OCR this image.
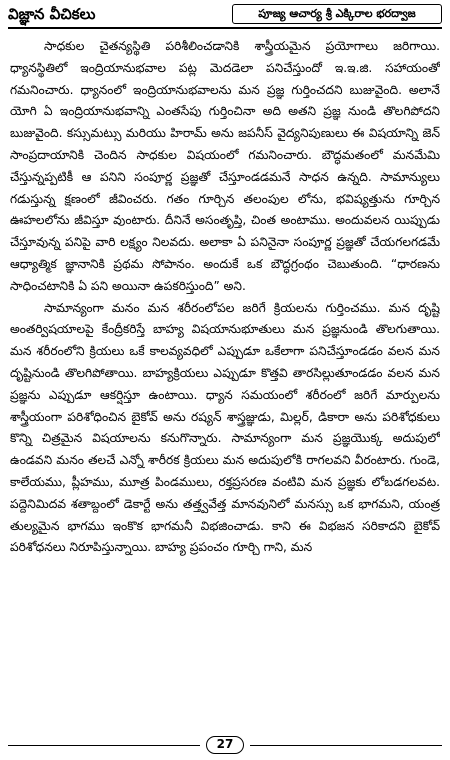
విజ్ఞాన వీచికలు	పూజ్య ఆచార్య శ్రీ ఎక్కిరాల భరద్వాజ

సాధకుల చైతన్యస్థితి పరిశీలించడానికి శాస్త్రీయమైన ప్రయోగాలు జరిగాయి. ధ్యానస్థితిలో ఇంద్రియానుభవాల పట్ల మెదడెలా పనిచేస్తుందో ఇ.ఇ.జి. సహాయంతో గమనించారు. ధ్యానంలో ఇంద్రియానుభవాలను మన ప్రజ్ఞ గుర్తించదని బుజువైంది. అలానే యోగి ఏ ఇంద్రియానుభవాన్ని ఎంతసేపు గుర్తించినా అది అతని ప్రజ్ఞ నుండి తొలగిపోదని బుజువైంది. కస్సుమట్సు మరియు హిరామ్ అను జపనీస్ వైద్యనిపుణులు ఈ విషయాన్ని జెన్ సాంప్రదాయానికి చెందిన సాధకుల విషయంలో గమనించారు. బౌద్ధమతంలో మనమేమి చేస్తున్నప్పటికీ ఆ పనిని సంపూర్ణ ప్రజ్ఞతో చేస్తూండడమనే సాధన ఉన్నది. సామాన్యులు గడుస్తున్న క్షణంలో జీవించరు. గతం గూర్చిన తలంపుల లోను, భవిష్యత్తును గూర్చిన ఊహలలోను జీవిస్తూ వుంటారు. దీనినే అసంతృప్తి, చింత అంటాము. అందువలన యిప్పుడు చేస్తూవున్న పనిపై వారి లక్ష్యం నిలవదు. అలాకా ఏ పనినైనా సంపూర్ణ ప్రజ్ఞతో చేయగలగడమే ఆధ్యాత్మిక జ్ఞానానికి ప్రథమ సోపానం. అందుకే ఒక బౌద్ధగ్రంథం చెబుతుంది. “ధారణను సాధించటానికి ఏ పని అయినా ఉపకరిస్తుంది” అని.

సామాన్యంగా మనం మన శరీరంలోపల జరిగే క్రియలను గుర్తించము. మన దృష్టి అంతర్విషయాలపై కేంద్రీకరిస్తే బాహ్య విషయానుభూతులు మన ప్రజ్ఞనుండి తొలగుతాయి. మన శరీరంలోని క్రియలు ఒకే కాలవ్యవధిలో ఎప్పుడూ ఒకేలాగా పనిచేస్తూండడం వలన మన దృష్టినుండి తొలగిపోతాయి. బాహ్యక్రియలు ఎప్పుడూ కొత్తవి తారసిల్లుతూండడం వలన మన ప్రజ్ఞను ఎప్పుడూ ఆకర్షిస్తూ ఉంటాయి. ధ్యాన సమయంలో శరీరంలో జరిగే మార్పులను శాస్త్రీయంగా పరిశోధించిన బైకోవ్ అను రష్యన్ శాస్త్రజ్ఞుడు, మిల్లర్, డికారా అను పరిశోధకులు కొన్ని చిత్రమైన విషయాలను కనుగొన్నారు. సామాన్యంగా మన ప్రజ్ఞయొక్క అదుపులో ఉండవని మనం తలచే ఎన్నో శారీరక క్రియలు మన అదుపులోకి రాగలవని వీరంటారు. గుండె, కాలేయము, ప్లీహము, మూత్ర పిండములు, రక్తప్రసరణ వంటివి మన ప్రజ్ఞకు లోబడగలవట. పద్దెనిమిదవ శతాబ్దంలో డెకార్టే అను తత్త్వవేత్త మానవునిలో మనస్సు ఒక భాగమని, యంత్ర తుల్యమైన భాగము ఇంకొక భాగమనీ విభజించాడు. కాని ఈ విభజన సరికాదని బైకోవ్ పరిశోధనలు నిరూపిస్తున్నాయి. బాహ్య ప్రపంచం గూర్చి గాని, మన

27
